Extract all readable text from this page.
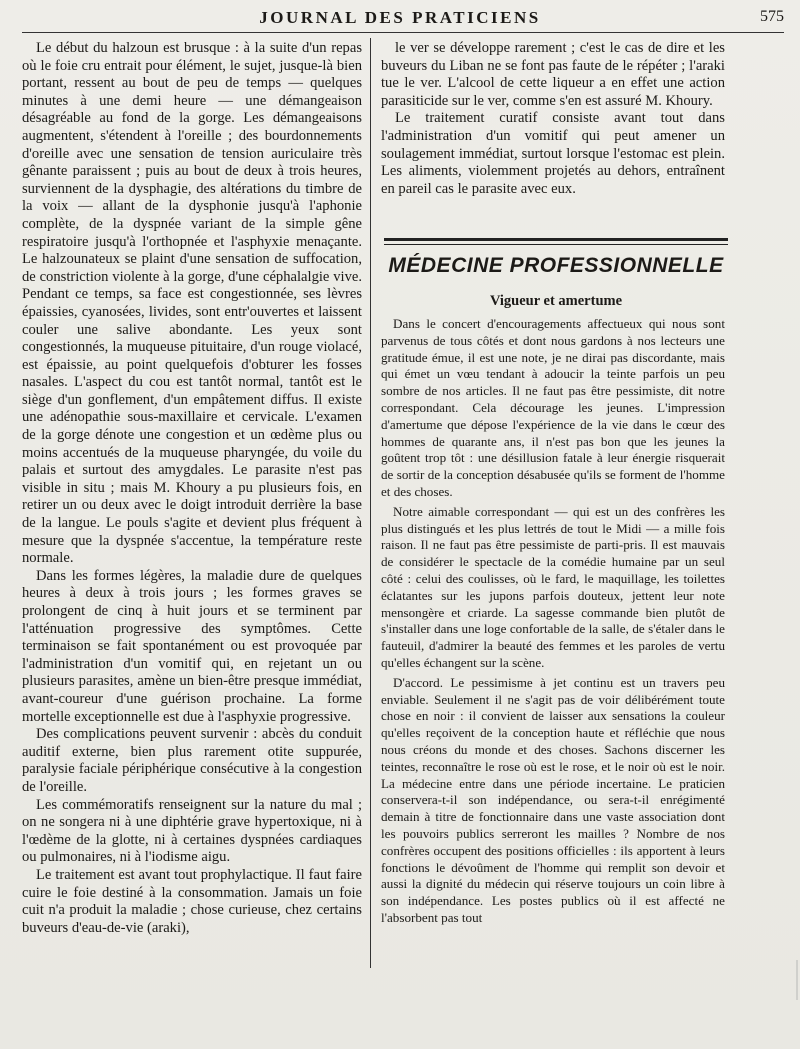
JOURNAL DES PRATICIENS	575

Le début du halzoun est brusque : à la suite d'un repas où le foie cru entrait pour élément, le sujet, jusque-là bien portant, ressent au bout de peu de temps — quelques minutes à une demi heure — une démangeaison désagréable au fond de la gorge. Les démangeaisons augmentent, s'étendent à l'oreille ; des bourdonnements d'oreille avec une sensation de tension auriculaire très gênante paraissent ; puis au bout de deux à trois heures, surviennent de la dysphagie, des altérations du timbre de la voix — allant de la dysphonie jusqu'à l'aphonie complète, de la dyspnée variant de la simple gêne respiratoire jusqu'à l'orthopnée et l'asphyxie menaçante. Le halzounateux se plaint d'une sensation de suffocation, de constriction violente à la gorge, d'une céphalalgie vive. Pendant ce temps, sa face est congestionnée, ses lèvres épaissies, cyanosées, livides, sont entr'ouvertes et laissent couler une salive abondante. Les yeux sont congestionnés, la muqueuse pituitaire, d'un rouge violacé, est épaissie, au point quelquefois d'obturer les fosses nasales. L'aspect du cou est tantôt normal, tantôt est le siège d'un gonflement, d'un empâtement diffus. Il existe une adénopathie sous-maxillaire et cervicale. L'examen de la gorge dénote une congestion et un œdème plus ou moins accentués de la muqueuse pharyngée, du voile du palais et surtout des amygdales. Le parasite n'est pas visible in situ ; mais M. Khoury a pu plusieurs fois, en retirer un ou deux avec le doigt introduit derrière la base de la langue. Le pouls s'agite et devient plus fréquent à mesure que la dyspnée s'accentue, la température reste normale.

Dans les formes légères, la maladie dure de quelques heures à deux à trois jours ; les formes graves se prolongent de cinq à huit jours et se terminent par l'atténuation progressive des symptômes. Cette terminaison se fait spontanément ou est provoquée par l'administration d'un vomitif qui, en rejetant un ou plusieurs parasites, amène un bien-être presque immédiat, avant-coureur d'une guérison prochaine. La forme mortelle exceptionnelle est due à l'asphyxie progressive.

Des complications peuvent survenir : abcès du conduit auditif externe, bien plus rarement otite suppurée, paralysie faciale périphérique consécutive à la congestion de l'oreille.

Les commémoratifs renseignent sur la nature du mal ; on ne songera ni à une diphtérie grave hypertoxique, ni à l'œdème de la glotte, ni à certaines dyspnées cardiaques ou pulmonaires, ni à l'iodisme aigu.

Le traitement est avant tout prophylactique. Il faut faire cuire le foie destiné à la consommation. Jamais un foie cuit n'a produit la maladie ; chose curieuse, chez certains buveurs d'eau-de-vie (araki),

le ver se développe rarement ; c'est le cas de dire et les buveurs du Liban ne se font pas faute de le répéter ; l'araki tue le ver. L'alcool de cette liqueur a en effet une action parasiticide sur le ver, comme s'en est assuré M. Khoury.

Le traitement curatif consiste avant tout dans l'administration d'un vomitif qui peut amener un soulagement immédiat, surtout lorsque l'estomac est plein. Les aliments, violemment projetés au dehors, entraînent en pareil cas le parasite avec eux.

MÉDECINE PROFESSIONNELLE
Vigueur et amertume

Dans le concert d'encouragements affectueux qui nous sont parvenus de tous côtés et dont nous gardons à nos lecteurs une gratitude émue, il est une note, je ne dirai pas discordante, mais qui émet un vœu tendant à adoucir la teinte parfois un peu sombre de nos articles. Il ne faut pas être pessimiste, dit notre correspondant. Cela décourage les jeunes. L'impression d'amertume que dépose l'expérience de la vie dans le cœur des hommes de quarante ans, il n'est pas bon que les jeunes la goûtent trop tôt : une désillusion fatale à leur énergie risquerait de sortir de la conception désabusée qu'ils se forment de l'homme et des choses.

Notre aimable correspondant — qui est un des confrères les plus distingués et les plus lettrés de tout le Midi — a mille fois raison. Il ne faut pas être pessimiste de parti-pris. Il est mauvais de considérer le spectacle de la comédie humaine par un seul côté : celui des coulisses, où le fard, le maquillage, les toilettes éclatantes sur les jupons parfois douteux, jettent leur note mensongère et criarde. La sagesse commande bien plutôt de s'installer dans une loge confortable de la salle, de s'étaler dans le fauteuil, d'admirer la beauté des femmes et les paroles de vertu qu'elles échangent sur la scène.

D'accord. Le pessimisme à jet continu est un travers peu enviable. Seulement il ne s'agit pas de voir délibérément toute chose en noir : il convient de laisser aux sensations la couleur qu'elles reçoivent de la conception haute et réfléchie que nous nous créons du monde et des choses. Sachons discerner les teintes, reconnaître le rose où est le rose, et le noir où est le noir. La médecine entre dans une période incertaine. Le praticien conservera-t-il son indépendance, ou sera-t-il enrégimenté demain à titre de fonctionnaire dans une vaste association dont les pouvoirs publics serreront les mailles ? Nombre de nos confrères occupent des positions officielles : ils apportent à leurs fonctions le dévoûment de l'homme qui remplit son devoir et aussi la dignité du médecin qui réserve toujours un coin libre à son indépendance. Les postes publics où il est affecté ne l'absorbent pas tout
